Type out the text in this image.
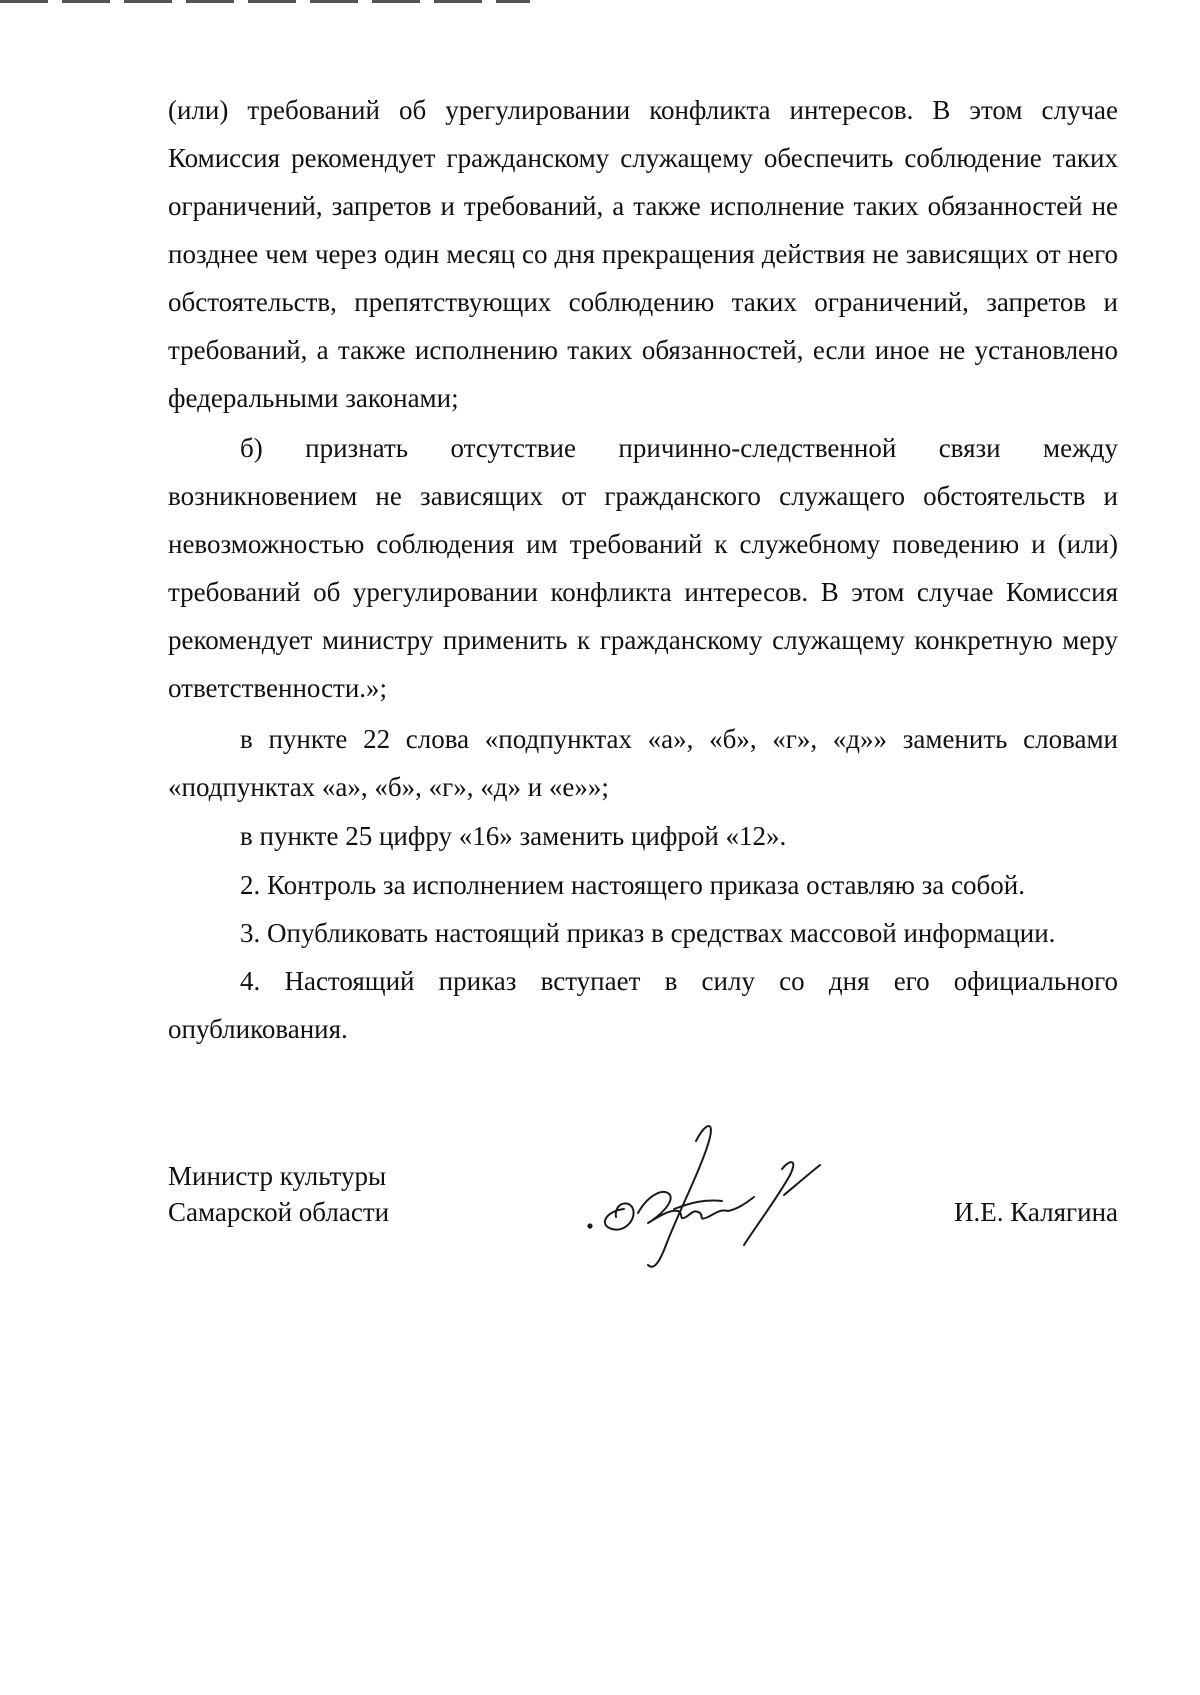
(или) требований об урегулировании конфликта интересов. В этом случае Комиссия рекомендует гражданскому служащему обеспечить соблюдение таких ограничений, запретов и требований, а также исполнение таких обязанностей не позднее чем через один месяц со дня прекращения действия не зависящих от него обстоятельств, препятствующих соблюдению таких ограничений, запретов и требований, а также исполнению таких обязанностей, если иное не установлено федеральными законами;

б) признать отсутствие причинно-следственной связи между возникновением не зависящих от гражданского служащего обстоятельств и невозможностью соблюдения им требований к служебному поведению и (или) требований об урегулировании конфликта интересов. В этом случае Комиссия рекомендует министру применить к гражданскому служащему конкретную меру ответственности.»;

в пункте 22 слова «подпунктах «а», «б», «г», «д»» заменить словами «подпунктах «а», «б», «г», «д» и «е»»;

в пункте 25 цифру «16» заменить цифрой «12».

2. Контроль за исполнением настоящего приказа оставляю за собой.

3. Опубликовать настоящий приказ в средствах массовой информации.

4. Настоящий приказ вступает в силу со дня его официального опубликования.

Министр культуры
Самарской области	И.Е. Калягина
